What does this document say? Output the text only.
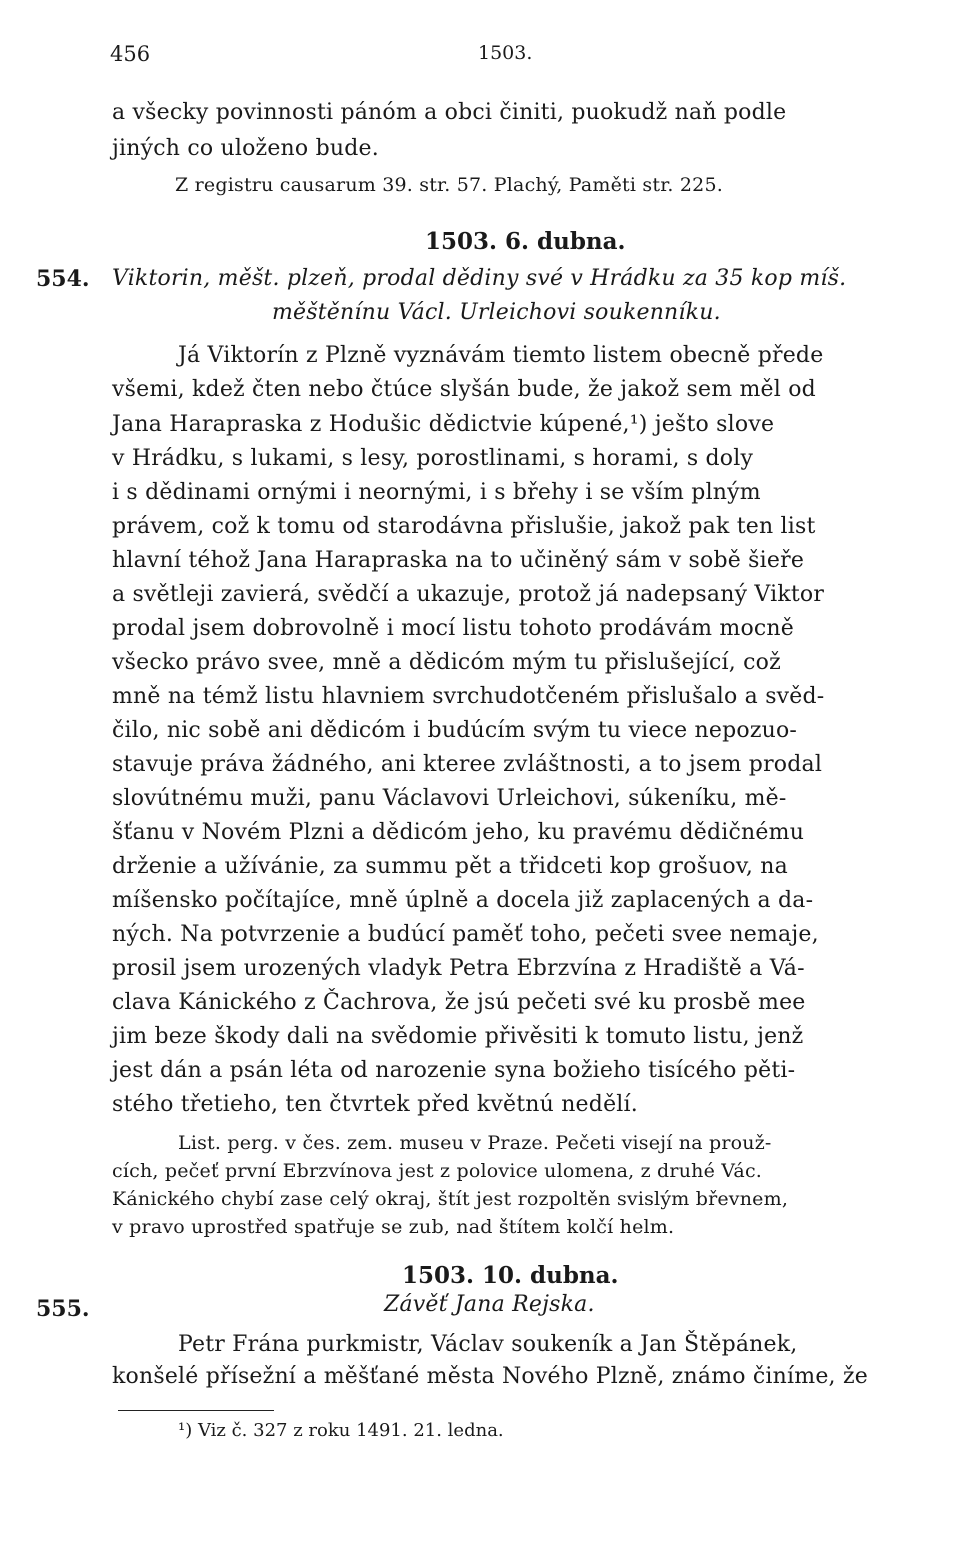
456	1503.

a všecky povinnosti pánóm a obci činiti, puokudž naň podle

jiných co uloženo bude.

Z registru causarum 39. str. 57. Plachý, Paměti str. 225.

554.
1503. 6. dubna.

Viktorin, měšt. plzeň, prodal dědiny své v Hrádku za 35 kop míš.

měštěnínu Václ. Urleichovi soukenníku.

Já Viktorín z Plzně vyznávám tiemto listem obecně přede

všemi, kdež čten nebo čtúce slyšán bude, že jakož sem měl od

Jana Harapraska z Hodušic dědictvie kúpené,¹) ješto slove

v Hrádku, s lukami, s lesy, porostlinami, s horami, s doly

i s dědinami ornými i neornými, i s břehy i se vším plným

právem, což k tomu od starodávna přislušie, jakož pak ten list

hlavní téhož Jana Harapraska na to učiněný sám v sobě šieře

a světleji zavierá, svědčí a ukazuje, protož já nadepsaný Viktor

prodal jsem dobrovolně i mocí listu tohoto prodávám mocně

všecko právo svee, mně a dědicóm mým tu přislušející, což

mně na témž listu hlavniem svrchudotčeném přislušalo a svěd-

čilo, nic sobě ani dědicóm i budúcím svým tu viece nepozuo-

stavuje práva žádného, ani kteree zvláštnosti, a to jsem prodal

slovútnému muži, panu Václavovi Urleichovi, súkeníku, mě-

šťanu v Novém Plzni a dědicóm jeho, ku pravému dědičnému

drženie a užívánie, za summu pět a třidceti kop grošuov, na

míšensko počítajíce, mně úplně a docela již zaplacených a da-

ných. Na potvrzenie a budúcí paměť toho, pečeti svee nemaje,

prosil jsem urozených vladyk Petra Ebrzvína z Hradiště a Vá-

clava Kánického z Čachrova, že jsú pečeti své ku prosbě mee

jim beze škody dali na svědomie přivěsiti k tomuto listu, jenž

jest dán a psán léta od narozenie syna božieho tisícého pěti-

stého třetieho, ten čtvrtek před květnú nedělí.

List. perg. v čes. zem. museu v Praze. Pečeti visejí na prouž-

cích, pečeť první Ebrzvínova jest z polovice ulomena, z druhé Vác.

Kánického chybí zase celý okraj, štít jest rozpoltěn svislým břevnem,

v pravo uprostřed spatřuje se zub, nad štítem kolčí helm.

1503. 10. dubna.
555.	Závěť Jana Rejska.

Petr Frána purkmistr, Václav soukeník a Jan Štěpánek,

konšelé přísežní a měšťané města Nového Plzně, známo činíme, že

¹) Viz č. 327 z roku 1491. 21. ledna.
